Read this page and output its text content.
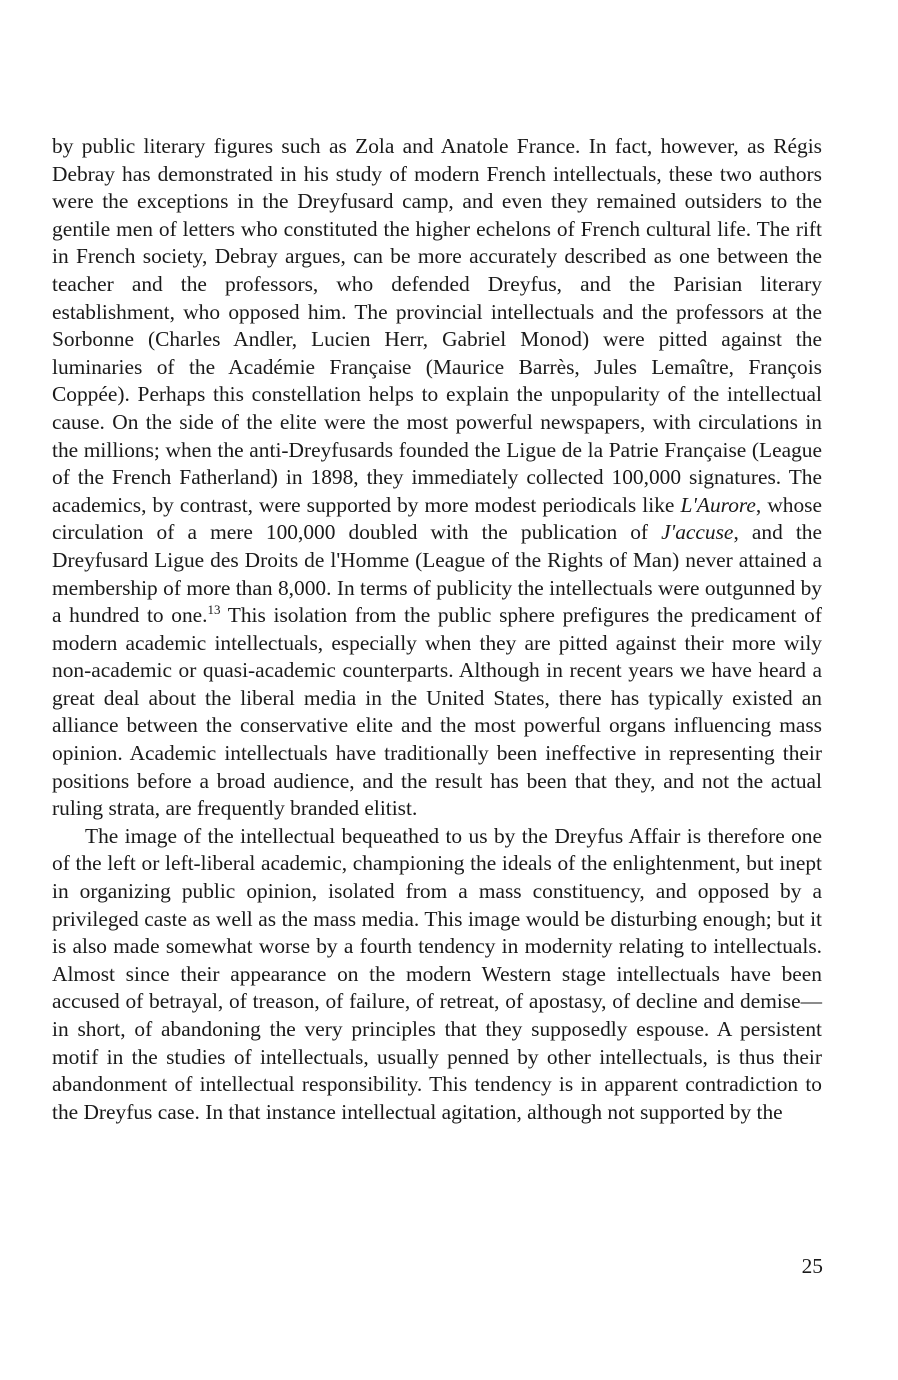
by public literary figures such as Zola and Anatole France. In fact, however, as Régis Debray has demonstrated in his study of modern French intellectuals, these two authors were the exceptions in the Dreyfusard camp, and even they remained outsiders to the gentile men of letters who constituted the higher echelons of French cultural life. The rift in French society, Debray argues, can be more accurately described as one between the teacher and the professors, who defended Dreyfus, and the Parisian literary establishment, who opposed him. The provincial intellectuals and the professors at the Sorbonne (Charles Andler, Lucien Herr, Gabriel Monod) were pitted against the luminaries of the Académie Française (Maurice Barrès, Jules Lemaître, François Coppée). Perhaps this constellation helps to explain the unpopularity of the intellectual cause. On the side of the elite were the most powerful newspapers, with circulations in the millions; when the anti-Dreyfusards founded the Ligue de la Patrie Française (League of the French Fatherland) in 1898, they immediately collected 100,000 signatures. The academics, by contrast, were supported by more modest periodicals like L'Aurore, whose circulation of a mere 100,000 doubled with the publication of J'accuse, and the Dreyfusard Ligue des Droits de l'Homme (League of the Rights of Man) never attained a membership of more than 8,000. In terms of publicity the intellectuals were outgunned by a hundred to one.$^{13}$ This isolation from the public sphere prefigures the predicament of modern academic intellectuals, especially when they are pitted against their more wily non-academic or quasi-academic counterparts. Although in recent years we have heard a great deal about the liberal media in the United States, there has typically existed an alliance between the conservative elite and the most powerful organs influencing mass opinion. Academic intellectuals have traditionally been ineffective in representing their positions before a broad audience, and the result has been that they, and not the actual ruling strata, are frequently branded elitist.

The image of the intellectual bequeathed to us by the Dreyfus Affair is therefore one of the left or left-liberal academic, championing the ideals of the enlightenment, but inept in organizing public opinion, isolated from a mass constituency, and opposed by a privileged caste as well as the mass media. This image would be disturbing enough; but it is also made somewhat worse by a fourth tendency in modernity relating to intellectuals. Almost since their appearance on the modern Western stage intellectuals have been accused of betrayal, of treason, of failure, of retreat, of apostasy, of decline and demise—in short, of abandoning the very principles that they supposedly espouse. A persistent motif in the studies of intellectuals, usually penned by other intellectuals, is thus their abandonment of intellectual responsibility. This tendency is in apparent contradiction to the Dreyfus case. In that instance intellectual agitation, although not supported by the

25
